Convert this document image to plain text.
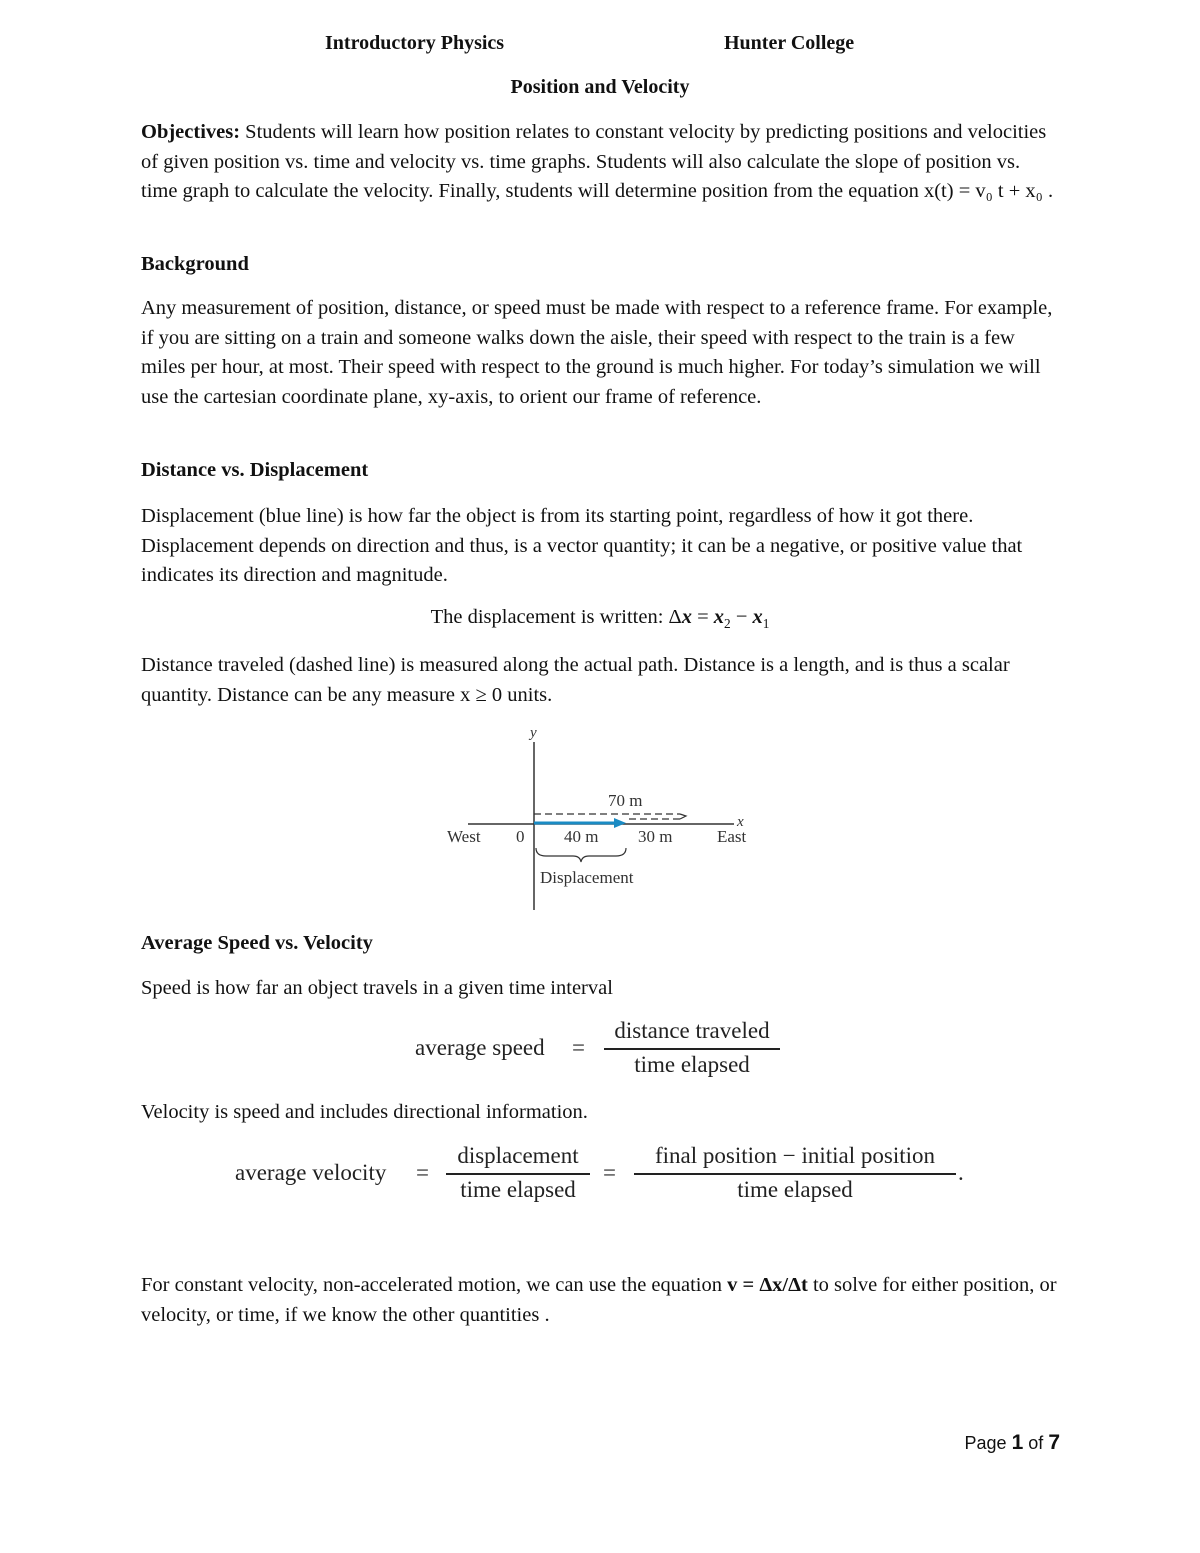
Introductory Physics	Hunter College
Position and Velocity
Objectives: Students will learn how position relates to constant velocity by predicting positions and velocities of given position vs. time and velocity vs. time graphs. Students will also calculate the slope of position vs. time graph to calculate the velocity. Finally, students will determine position from the equation x(t) = v₀ t + x₀ .
Background
Any measurement of position, distance, or speed must be made with respect to a reference frame. For example, if you are sitting on a train and someone walks down the aisle, their speed with respect to the train is a few miles per hour, at most. Their speed with respect to the ground is much higher. For today’s simulation we will use the cartesian coordinate plane, xy-axis, to orient our frame of reference.
Distance vs. Displacement
Displacement (blue line) is how far the object is from its starting point, regardless of how it got there. Displacement depends on direction and thus, is a vector quantity; it can be a negative, or positive value that indicates its direction and magnitude.
The displacement is written: $\Delta x = x_2 - x_1$
Distance traveled (dashed line) is measured along the actual path. Distance is a length, and is thus a scalar quantity. Distance can be any measure x ≥ 0 units.
y
x
West	East
0
70 m
40 m 30 m
Displacement
Average Speed vs. Velocity
Speed is how far an object travels in a given time interval
average speed =
distance traveled
time elapsed
Velocity is speed and includes directional information.
average velocity =
displacement
time elapsed
=
final position − initial position
time elapsed
.
For constant velocity, non-accelerated motion, we can use the equation v = Δx/Δt to solve for either position, or velocity, or time, if we know the other quantities .
Page 1 of 7
